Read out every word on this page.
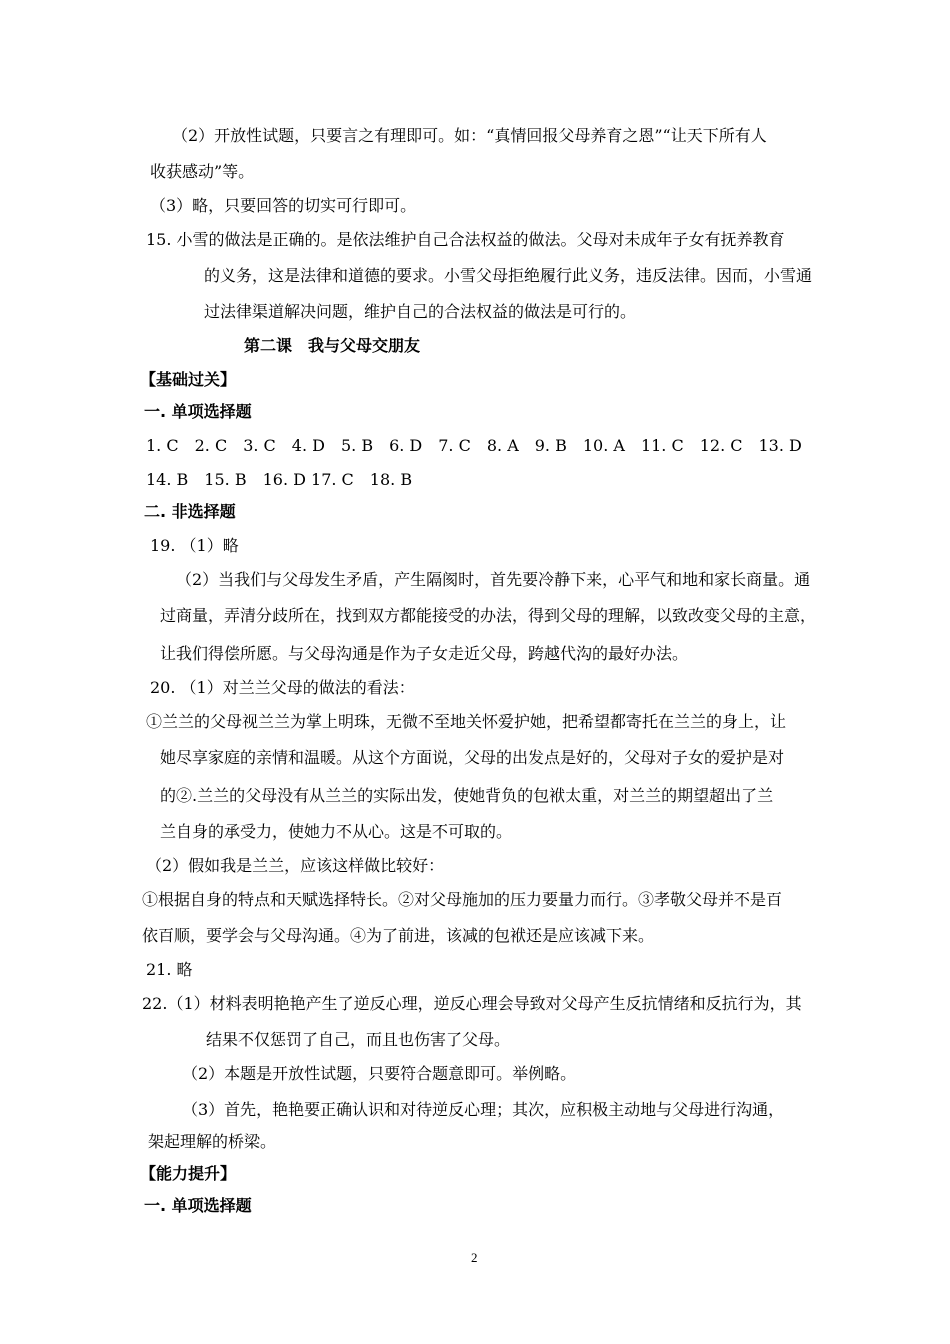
（2）开放性试题，只要言之有理即可。如：“真情回报父母养育之恩”“让天下所有人
收获感动”等。
（3）略，只要回答的切实可行即可。
15. 小雪的做法是正确的。是依法维护自己合法权益的做法。父母对未成年子女有抚养教育
的义务，这是法律和道德的要求。小雪父母拒绝履行此义务，违反法律。因而，小雪通
过法律渠道解决问题，维护自己的合法权益的做法是可行的。
第二课　我与父母交朋友
【基础过关】
一. 单项选择题
1. C　2. C　3. C　4. D　5. B　6. D　7. C　8. A　9. B　10. A　11. C　12. C　13. D
14. B　15. B　16. D 17. C　18. B
二. 非选择题
19. （1）略
（2）当我们与父母发生矛盾，产生隔阂时，首先要冷静下来，心平气和地和家长商量。通
过商量，弄清分歧所在，找到双方都能接受的办法，得到父母的理解，以致改变父母的主意，
让我们得偿所愿。与父母沟通是作为子女走近父母，跨越代沟的最好办法。
20. （1）对兰兰父母的做法的看法：
①兰兰的父母视兰兰为掌上明珠，无微不至地关怀爱护她，把希望都寄托在兰兰的身上，让
她尽享家庭的亲情和温暖。从这个方面说，父母的出发点是好的，父母对子女的爱护是对
的②.兰兰的父母没有从兰兰的实际出发，使她背负的包袱太重，对兰兰的期望超出了兰
兰自身的承受力，使她力不从心。这是不可取的。
（2）假如我是兰兰，应该这样做比较好：
①根据自身的特点和天赋选择特长。②对父母施加的压力要量力而行。③孝敬父母并不是百
依百顺，要学会与父母沟通。④为了前进，该减的包袱还是应该减下来。
21. 略
22.（1）材料表明艳艳产生了逆反心理，逆反心理会导致对父母产生反抗情绪和反抗行为，其
结果不仅惩罚了自己，而且也伤害了父母。
（2）本题是开放性试题，只要符合题意即可。举例略。
（3）首先，艳艳要正确认识和对待逆反心理；其次，应积极主动地与父母进行沟通，
架起理解的桥梁。
【能力提升】
一. 单项选择题
2
